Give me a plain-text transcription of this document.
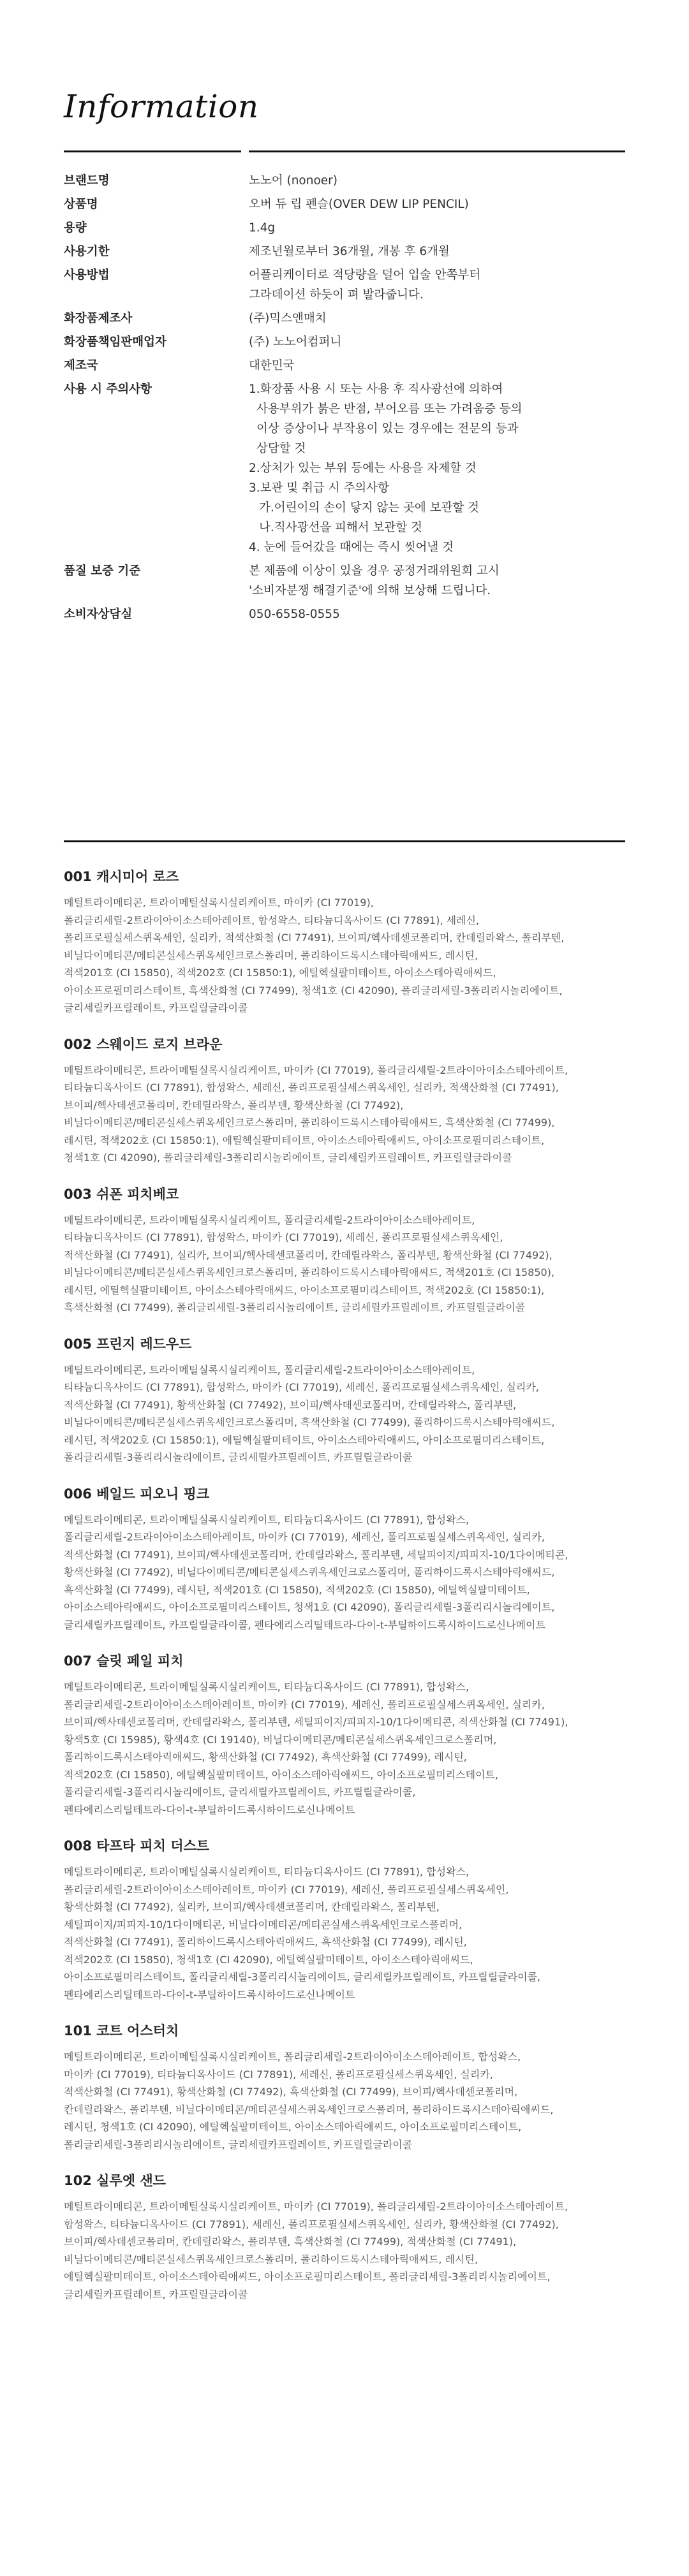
Information
브랜드명	노노어 (nonoer)
상품명	오버 듀 립 펜슬(OVER DEW LIP PENCIL)
용량	1.4g
사용기한	제조년월로부터 36개월, 개봉 후 6개월
사용방법	어플리케이터로 적당량을 덜어 입술 안쪽부터
그라데이션 하듯이 펴 발라줍니다.
화장품제조사	(주)믹스앤매치
화장품책임판매업자	(주) 노노어컴퍼니
제조국	대한민국
사용 시 주의사항	1.화장품 사용 시 또는 사용 후 직사광선에 의하여
사용부위가 붉은 반점, 부어오름 또는 가려움증 등의
이상 증상이나 부작용이 있는 경우에는 전문의 등과
상담할 것
2.상처가 있는 부위 등에는 사용을 자제할 것
3.보관 및 취급 시 주의사항
가.어린이의 손이 닿지 않는 곳에 보관할 것
나.직사광선을 피해서 보관할 것
4. 눈에 들어갔을 때에는 즉시 씻어낼 것
품질 보증 기준	본 제품에 이상이 있을 경우 공정거래위원회 고시
'소비자분쟁 해결기준'에 의해 보상해 드립니다.
소비자상담실	050-6558-0555
001 캐시미어 로즈

메틸트라이메티콘, 트라이메틸실록시실리케이트, 마이카 (CI 77019),
폴리글리세릴-2트라이아이소스테아레이트, 합성왁스, 티타늄디옥사이드 (CI 77891), 세레신,
폴리프로필실세스퀴옥세인, 실리카, 적색산화철 (CI 77491), 브이피/헥사데센코폴리머, 칸데릴라왁스, 폴리부텐,
비닐다이메티콘/메티콘실세스퀴옥세인크로스폴리머, 폴리하이드록시스테아릭애씨드, 레시틴,
적색201호 (CI 15850), 적색202호 (CI 15850:1), 에틸헥실팔미테이트, 아이소스테아릭애씨드,
아이소프로필미리스테이트, 흑색산화철 (CI 77499), 청색1호 (CI 42090), 폴리글리세릴-3폴리리시놀리에이트,
글리세릴카프릴레이트, 카프릴릴글라이콜

002 스웨이드 로지 브라운

메틸트라이메티콘, 트라이메틸실록시실리케이트, 마이카 (CI 77019), 폴리글리세릴-2트라이아이소스테아레이트,
티타늄디옥사이드 (CI 77891), 합성왁스, 세레신, 폴리프로필실세스퀴옥세인, 실리카, 적색산화철 (CI 77491),
브이피/헥사데센코폴리머, 칸데릴라왁스, 폴리부텐, 황색산화철 (CI 77492),
비닐다이메티콘/메티콘실세스퀴옥세인크로스폴리머, 폴리하이드록시스테아릭애씨드, 흑색산화철 (CI 77499),
레시틴, 적색202호 (CI 15850:1), 에틸헥실팔미테이트, 아이소스테아릭애씨드, 아이소프로필미리스테이트,
청색1호 (CI 42090), 폴리글리세릴-3폴리리시놀리에이트, 글리세릴카프릴레이트, 카프릴릴글라이콜

003 쉬폰 피치베코

메틸트라이메티콘, 트라이메틸실록시실리케이트, 폴리글리세릴-2트라이아이소스테아레이트,
티타늄디옥사이드 (CI 77891), 합성왁스, 마이카 (CI 77019), 세레신, 폴리프로필실세스퀴옥세인,
적색산화철 (CI 77491), 실리카, 브이피/헥사데센코폴리머, 칸데릴라왁스, 폴리부텐, 황색산화철 (CI 77492),
비닐다이메티콘/메티콘실세스퀴옥세인크로스폴리머, 폴리하이드록시스테아릭애씨드, 적색201호 (CI 15850),
레시틴, 에틸헥실팔미테이트, 아이소스테아릭애씨드, 아이소프로필미리스테이트, 적색202호 (CI 15850:1),
흑색산화철 (CI 77499), 폴리글리세릴-3폴리리시놀리에이트, 글리세릴카프릴레이트, 카프릴릴글라이콜

005 프린지 레드우드

메틸트라이메티콘, 트라이메틸실록시실리케이트, 폴리글리세릴-2트라이아이소스테아레이트,
티타늄디옥사이드 (CI 77891), 합성왁스, 마이카 (CI 77019), 세레신, 폴리프로필실세스퀴옥세인, 실리카,
적색산화철 (CI 77491), 황색산화철 (CI 77492), 브이피/헥사데센코폴리머, 칸데릴라왁스, 폴리부텐,
비닐다이메티콘/메티콘실세스퀴옥세인크로스폴리머, 흑색산화철 (CI 77499), 폴리하이드록시스테아릭애씨드,
레시틴, 적색202호 (CI 15850:1), 에틸헥실팔미테이트, 아이소스테아릭애씨드, 아이소프로필미리스테이트,
폴리글리세릴-3폴리리시놀리에이트, 글리세릴카프릴레이트, 카프릴릴글라이콜

006 베일드 피오니 핑크

메틸트라이메티콘, 트라이메틸실록시실리케이트, 티타늄디옥사이드 (CI 77891), 합성왁스,
폴리글리세릴-2트라이아이소스테아레이트, 마이카 (CI 77019), 세레신, 폴리프로필실세스퀴옥세인, 실리카,
적색산화철 (CI 77491), 브이피/헥사데센코폴리머, 칸데릴라왁스, 폴리부텐, 세틸피이지/피피지-10/1다이메티콘,
황색산화철 (CI 77492), 비닐다이메티콘/메티콘실세스퀴옥세인크로스폴리머, 폴리하이드록시스테아릭애씨드,
흑색산화철 (CI 77499), 레시틴, 적색201호 (CI 15850), 적색202호 (CI 15850), 에틸헥실팔미테이트,
아이소스테아릭애씨드, 아이소프로필미리스테이트, 청색1호 (CI 42090), 폴리글리세릴-3폴리리시놀리에이트,
글리세릴카프릴레이트, 카프릴릴글라이콜, 펜타에리스리틸테트라-다이-t-부틸하이드록시하이드로신나메이트

007 슬릿 페일 피치

메틸트라이메티콘, 트라이메틸실록시실리케이트, 티타늄디옥사이드 (CI 77891), 합성왁스,
폴리글리세릴-2트라이아이소스테아레이트, 마이카 (CI 77019), 세레신, 폴리프로필실세스퀴옥세인, 실리카,
브이피/헥사데센코폴리머, 칸데릴라왁스, 폴리부텐, 세틸피이지/피피지-10/1다이메티콘, 적색산화철 (CI 77491),
황색5호 (CI 15985), 황색4호 (CI 19140), 비닐다이메티콘/메티콘실세스퀴옥세인크로스폴리머,
폴리하이드록시스테아릭애씨드, 황색산화철 (CI 77492), 흑색산화철 (CI 77499), 레시틴,
적색202호 (CI 15850), 에틸헥실팔미테이트, 아이소스테아릭애씨드, 아이소프로필미리스테이트,
폴리글리세릴-3폴리리시놀리에이트, 글리세릴카프릴레이트, 카프릴릴글라이콜,
펜타에리스리틸테트라-다이-t-부틸하이드록시하이드로신나메이트

008 타프타 피치 더스트

메틸트라이메티콘, 트라이메틸실록시실리케이트, 티타늄디옥사이드 (CI 77891), 합성왁스,
폴리글리세릴-2트라이아이소스테아레이트, 마이카 (CI 77019), 세레신, 폴리프로필실세스퀴옥세인,
황색산화철 (CI 77492), 실리카, 브이피/헥사데센코폴리머, 칸데릴라왁스, 폴리부텐,
세틸피이지/피피지-10/1다이메티콘, 비닐다이메티콘/메티콘실세스퀴옥세인크로스폴리머,
적색산화철 (CI 77491), 폴리하이드록시스테아릭애씨드, 흑색산화철 (CI 77499), 레시틴,
적색202호 (CI 15850), 청색1호 (CI 42090), 에틸헥실팔미테이트, 아이소스테아릭애씨드,
아이소프로필미리스테이트, 폴리글리세릴-3폴리리시놀리에이트, 글리세릴카프릴레이트, 카프릴릴글라이콜,
펜타에리스리틸테트라-다이-t-부틸하이드록시하이드로신나메이트

101 코트 어스터치

메틸트라이메티콘, 트라이메틸실록시실리케이트, 폴리글리세릴-2트라이아이소스테아레이트, 합성왁스,
마이카 (CI 77019), 티타늄디옥사이드 (CI 77891), 세레신, 폴리프로필실세스퀴옥세인, 실리카,
적색산화철 (CI 77491), 황색산화철 (CI 77492), 흑색산화철 (CI 77499), 브이피/헥사데센코폴리머,
칸데릴라왁스, 폴리부텐, 비닐다이메티콘/메티콘실세스퀴옥세인크로스폴리머, 폴리하이드록시스테아릭애씨드,
레시틴, 청색1호 (CI 42090), 에틸헥실팔미테이트, 아이소스테아릭애씨드, 아이소프로필미리스테이트,
폴리글리세릴-3폴리리시놀리에이트, 글리세릴카프릴레이트, 카프릴릴글라이콜

102 실루엣 샌드

메틸트라이메티콘, 트라이메틸실록시실리케이트, 마이카 (CI 77019), 폴리글리세릴-2트라이아이소스테아레이트,
합성왁스, 티타늄디옥사이드 (CI 77891), 세레신, 폴리프로필실세스퀴옥세인, 실리카, 황색산화철 (CI 77492),
브이피/헥사데센코폴리머, 칸데릴라왁스, 폴리부텐, 흑색산화철 (CI 77499), 적색산화철 (CI 77491),
비닐다이메티콘/메티콘실세스퀴옥세인크로스폴리머, 폴리하이드록시스테아릭애씨드, 레시틴,
에틸헥실팔미테이트, 아이소스테아릭애씨드, 아이소프로필미리스테이트, 폴리글리세릴-3폴리리시놀리에이트,
글리세릴카프릴레이트, 카프릴릴글라이콜
